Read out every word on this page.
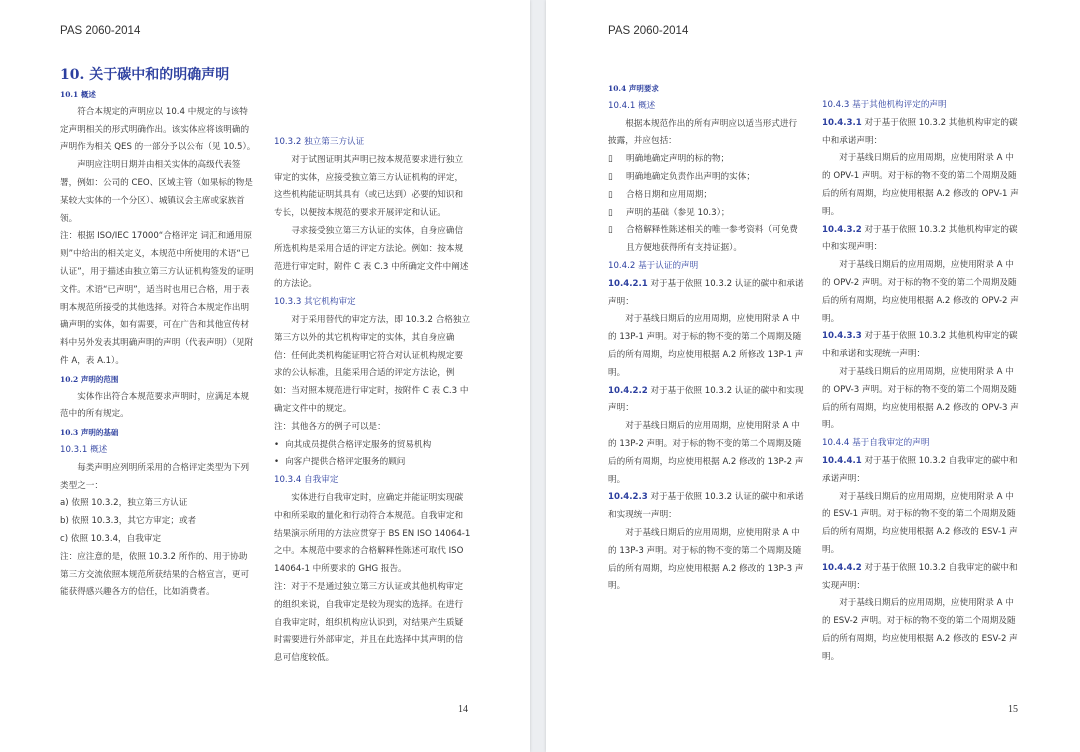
PAS 2060-2014

10. 关于碳中和的明确声明

10.1 概述

符合本规定的声明应以 10.4 中规定的与该特定声明相关的形式明确作出。该实体应将该明确的声明作为相关 QES 的一部分予以公布（见 10.5）。

声明应注明日期并由相关实体的高级代表签署，例如：公司的 CEO、区域主管（如果标的物是某较大实体的一个分区）、城镇议会主席或家族首领。

注：根据 ISO/IEC 17000“合格评定 词汇和通用原则”中给出的相关定义，本规范中所使用的术语“已认证”，用于描述由独立第三方认证机构签发的证明文件。术语“已声明”，适当时也用已合格，用于表明本规范所接受的其他选择。对符合本规定作出明确声明的实体，如有需要，可在广告和其他宣传材料中另外发表其明确声明的声明（代表声明）（见附件 A，表 A.1）。

10.2 声明的范围

实体作出符合本规范要求声明时，应满足本规范中的所有规定。

10.3 声明的基础

10.3.1 概述

每类声明应列明所采用的合格评定类型为下列类型之一：

a) 依照 10.3.2，独立第三方认证

b) 依照 10.3.3，其它方审定；或者

c) 依照 10.3.4，自我审定

注：应注意的是，依照 10.3.2 所作的、用于协助第三方交流依照本规范所获结果的合格宣言，更可能获得感兴趣各方的信任，比如消费者。

10.3.2 独立第三方认证

对于试图证明其声明已按本规范要求进行独立审定的实体，应接受独立第三方认证机构的评定，这些机构能证明其具有（或已达到）必要的知识和专长，以便按本规范的要求开展评定和认证。

寻求接受独立第三方认证的实体，自身应确信所选机构是采用合适的评定方法论。例如：按本规范进行审定时，附件 C 表 C.3 中所确定文件中阐述的方法论。

10.3.3 其它机构审定

对于采用替代的审定方法，即 10.3.2 合格独立第三方以外的其它机构审定的实体，其自身应确信：任何此类机构能证明它符合对认证机构规定要求的公认标准，且能采用合适的评定方法论，例如：当对照本规范进行审定时，按附件 C 表 C.3 中确定文件中的规定。

注：其他各方的例子可以是：

• 向其成员提供合格评定服务的贸易机构
• 向客户提供合格评定服务的顾问

10.3.4 自我审定

实体进行自我审定时，应确定并能证明实现碳中和所采取的量化和行动符合本规范。自我审定和结果演示所用的方法应贯穿于 BS EN ISO 14064-1 之中。本规范中要求的合格解释性陈述可取代 ISO 14064-1 中所要求的 GHG 报告。

注：对于不是通过独立第三方认证或其他机构审定的组织来说，自我审定是较为现实的选择。在进行自我审定时，组织机构应认识到，对结果产生质疑时需要进行外部审定，并且在此选择中其声明的信息可信度较低。

14
PAS 2060-2014

10.4 声明要求

10.4.1 概述

根据本规范作出的所有声明应以适当形式进行披露，并应包括：

▯ 明确地确定声明的标的物；
▯ 明确地确定负责作出声明的实体；
▯ 合格日期和应用周期；
▯ 声明的基础（参见 10.3）；
▯ 合格解释性陈述相关的唯一参考资料（可免费且方便地获得所有支持证据）。

10.4.2 基于认证的声明

10.4.2.1 对于基于依照 10.3.2 认证的碳中和承诺声明：

对于基线日期后的应用周期，应使用附录 A 中的 13P-1 声明。对于标的物不变的第二个周期及随后的所有周期，均应使用根据 A.2 所修改 13P-1 声明。

10.4.2.2 对于基于依照 10.3.2 认证的碳中和实现声明：

对于基线日期后的应用周期，应使用附录 A 中的 13P-2 声明。对于标的物不变的第二个周期及随后的所有周期，均应使用根据 A.2 修改的 13P-2 声明。

10.4.2.3 对于基于依照 10.3.2 认证的碳中和承诺和实现统一声明：

对于基线日期后的应用周期，应使用附录 A 中的 13P-3 声明。对于标的物不变的第二个周期及随后的所有周期，均应使用根据 A.2 修改的 13P-3 声明。

10.4.3 基于其他机构评定的声明

10.4.3.1 对于基于依照 10.3.2 其他机构审定的碳中和承诺声明：

对于基线日期后的应用周期，应使用附录 A 中的 OPV-1 声明。对于标的物不变的第二个周期及随后的所有周期，均应使用根据 A.2 修改的 OPV-1 声明。

10.4.3.2 对于基于依照 10.3.2 其他机构审定的碳中和实现声明：

对于基线日期后的应用周期，应使用附录 A 中的 OPV-2 声明。对于标的物不变的第二个周期及随后的所有周期，均应使用根据 A.2 修改的 OPV-2 声明。

10.4.3.3 对于基于依照 10.3.2 其他机构审定的碳中和承诺和实现统一声明：

对于基线日期后的应用周期，应使用附录 A 中的 OPV-3 声明。对于标的物不变的第二个周期及随后的所有周期，均应使用根据 A.2 修改的 OPV-3 声明。

10.4.4 基于自我审定的声明

10.4.4.1 对于基于依照 10.3.2 自我审定的碳中和承诺声明：

对于基线日期后的应用周期，应使用附录 A 中的 ESV-1 声明。对于标的物不变的第二个周期及随后的所有周期，均应使用根据 A.2 修改的 ESV-1 声明。

10.4.4.2 对于基于依照 10.3.2 自我审定的碳中和实现声明：

对于基线日期后的应用周期，应使用附录 A 中的 ESV-2 声明。对于标的物不变的第二个周期及随后的所有周期，均应使用根据 A.2 修改的 ESV-2 声明。

15
